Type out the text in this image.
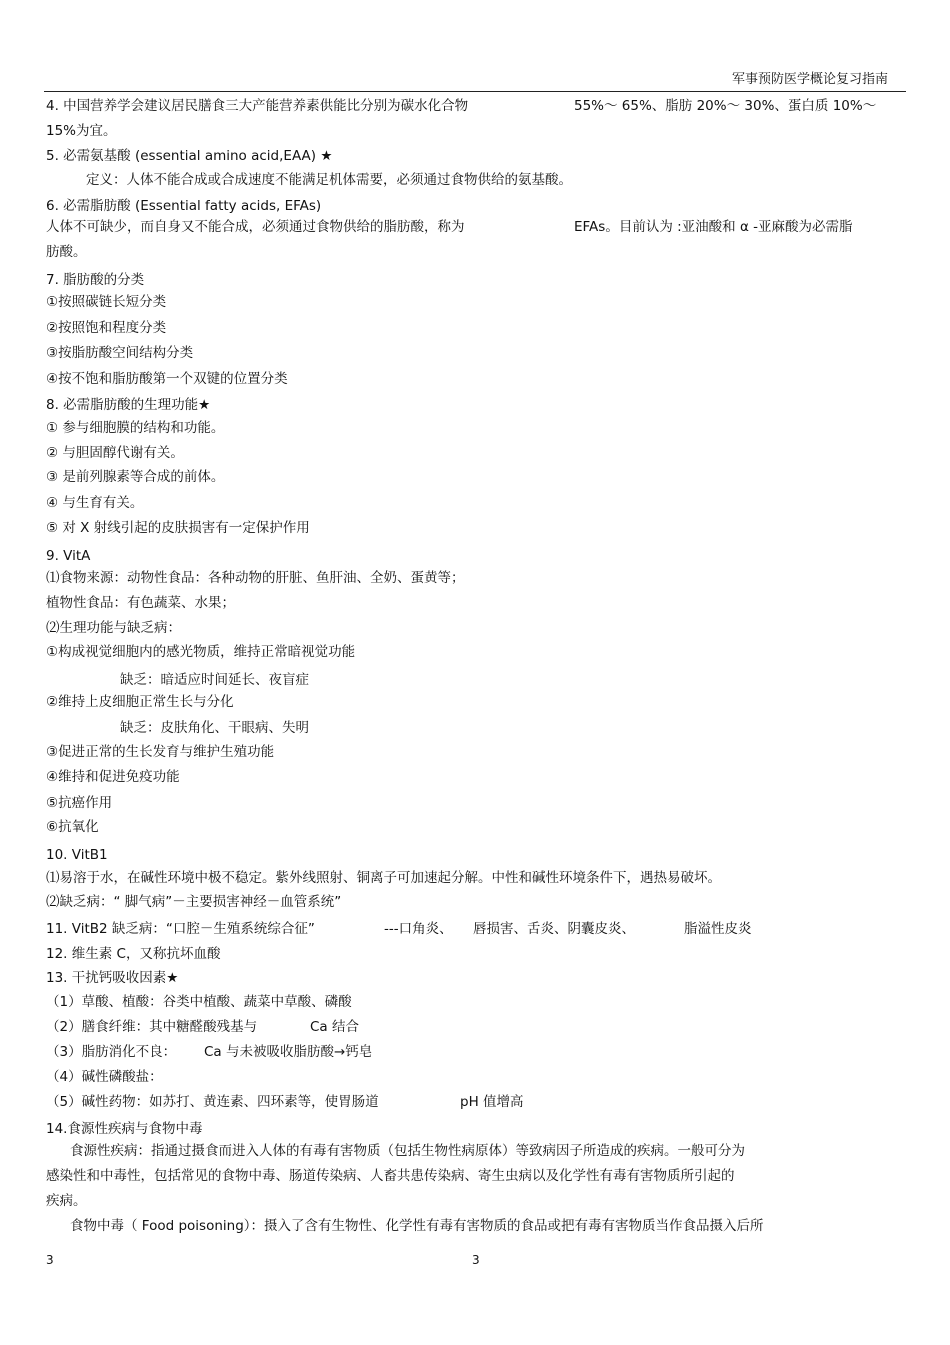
军事预防医学概论复习指南
4. 中国营养学会建议居民膳食三大产能营养素供能比分别为碳水化合物	55%～ 65%、脂肪 20%～ 30%、蛋白质 10%～
15%为宜。
5. 必需氨基酸 (essential amino acid,EAA) ★
定义：人体不能合成或合成速度不能满足机体需要，必须通过食物供给的氨基酸。
6. 必需脂肪酸 (Essential fatty acids, EFAs)
人体不可缺少，而自身又不能合成，必须通过食物供给的脂肪酸，称为	EFAs。目前认为 :亚油酸和 α -亚麻酸为必需脂
肪酸。
7. 脂肪酸的分类
①按照碳链长短分类
②按照饱和程度分类
③按脂肪酸空间结构分类
④按不饱和脂肪酸第一个双键的位置分类
8. 必需脂肪酸的生理功能★
① 参与细胞膜的结构和功能。
② 与胆固醇代谢有关。
③ 是前列腺素等合成的前体。
④ 与生育有关。
⑤ 对 X 射线引起的皮肤损害有一定保护作用
9. VitA
⑴食物来源：动物性食品：各种动物的肝脏、鱼肝油、全奶、蛋黄等；
植物性食品：有色蔬菜、水果；
⑵生理功能与缺乏病：
①构成视觉细胞内的感光物质，维持正常暗视觉功能
缺乏：暗适应时间延长、夜盲症
②维持上皮细胞正常生长与分化
缺乏：皮肤角化、干眼病、失明
③促进正常的生长发育与维护生殖功能
④维持和促进免疫功能
⑤抗癌作用
⑥抗氧化
10. VitB1
⑴易溶于水，在碱性环境中极不稳定。紫外线照射、铜离子可加速起分解。中性和碱性环境条件下，遇热易破坏。
⑵缺乏病：“ 脚气病”－主要损害神经－血管系统”
11. VitB2 缺乏病：“口腔－生殖系统综合征”	---口角炎、 唇损害、舌炎、阴囊皮炎、	脂溢性皮炎
12. 维生素 C，又称抗坏血酸
13. 干扰钙吸收因素★
（1）草酸、植酸：谷类中植酸、蔬菜中草酸、磷酸
（2）膳食纤维：其中糖醛酸残基与	Ca 结合
（3）脂肪消化不良： Ca 与未被吸收脂肪酸→钙皂
（4）碱性磷酸盐：
（5）碱性药物：如苏打、黄连素、四环素等，使胃肠道	pH 值增高
14.食源性疾病与食物中毒
食源性疾病：指通过摄食而进入人体的有毒有害物质（包括生物性病原体）等致病因子所造成的疾病。一般可分为
感染性和中毒性，包括常见的食物中毒、肠道传染病、人畜共患传染病、寄生虫病以及化学性有毒有害物质所引起的
疾病。
食物中毒（ Food poisoning）：摄入了含有生物性、化学性有毒有害物质的食品或把有毒有害物质当作食品摄入后所
3	3
